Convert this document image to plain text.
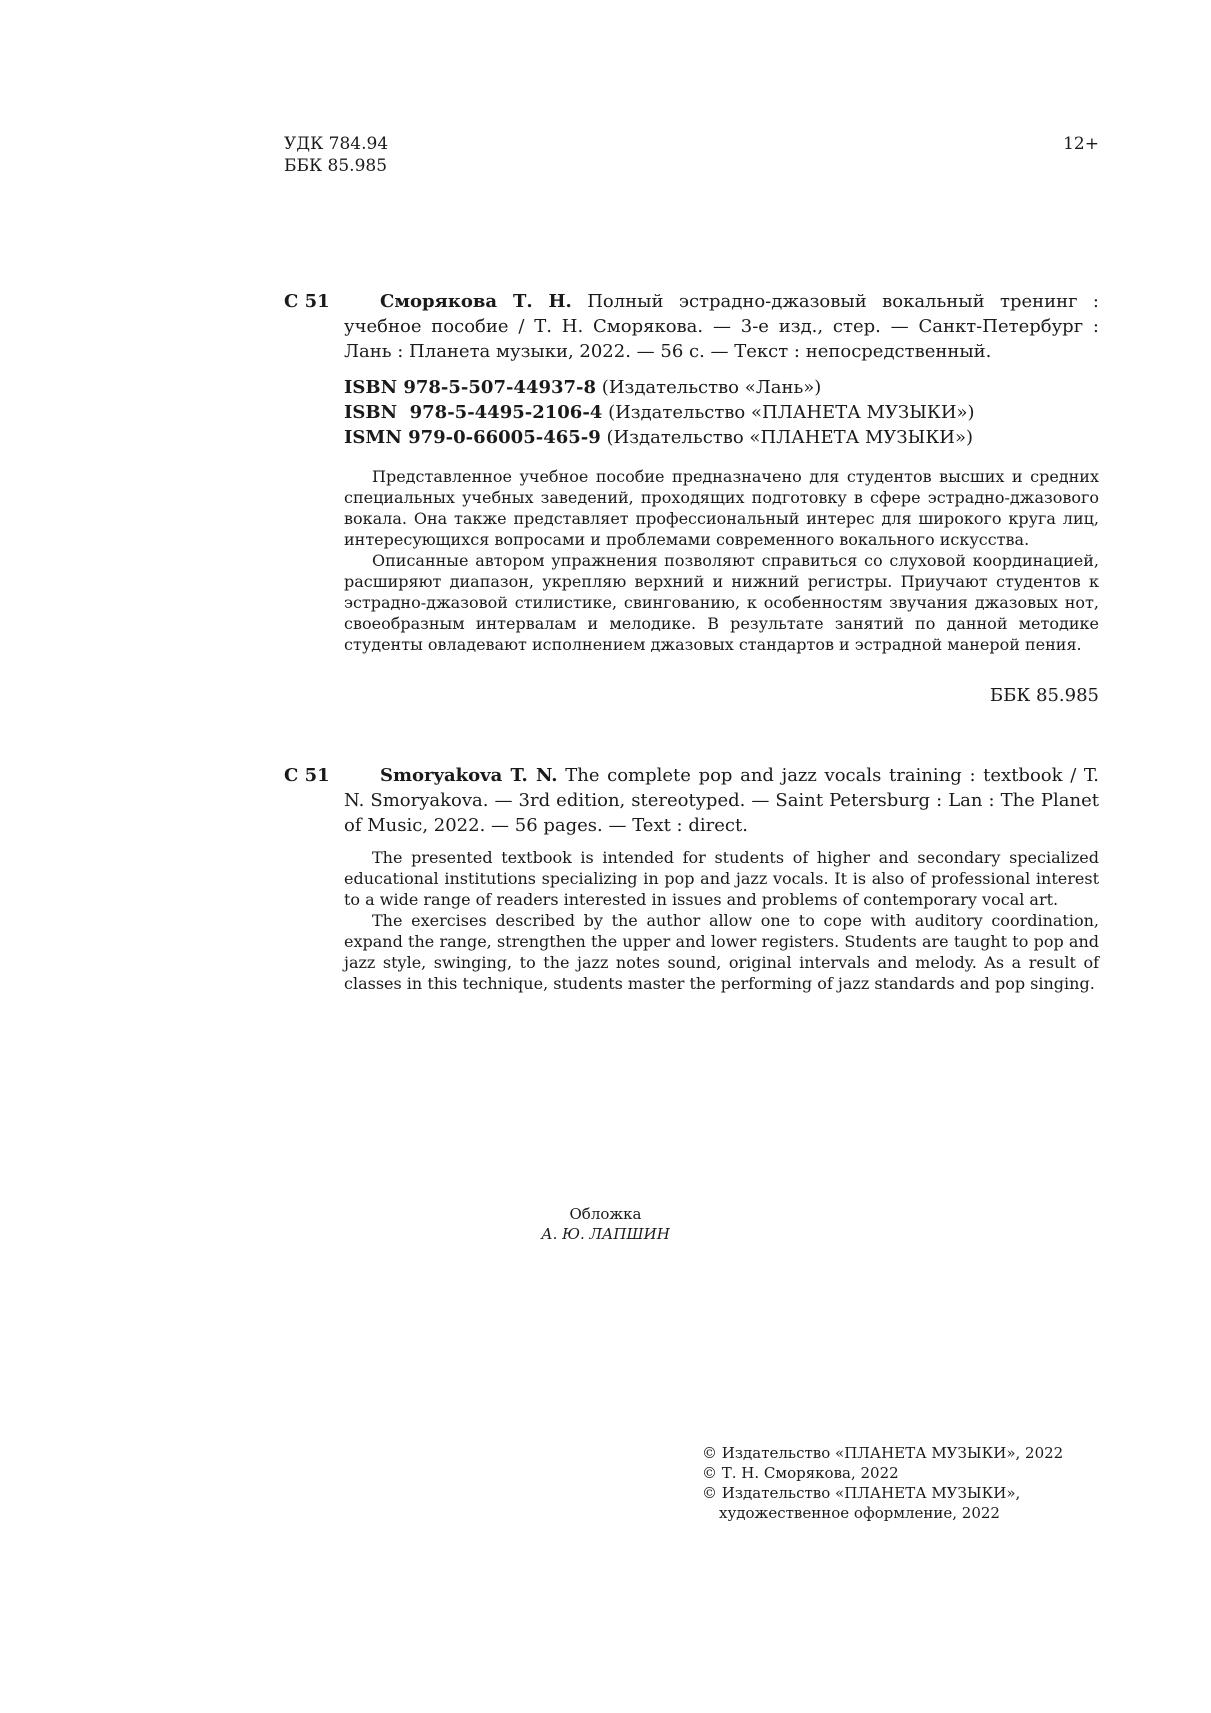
УДК 784.94
ББК 85.985
12+
С 51	Сморякова Т. Н. Полный эстрадно-джазовый вокальный тренинг : учебное пособие / Т. Н. Сморякова. — 3-е изд., стер. — Санкт-Петербург : Лань : Планета музыки, 2022. — 56 с. — Текст : непосредственный.
ISBN 978-5-507-44937-8 (Издательство «Лань»)
ISBN  978-5-4495-2106-4 (Издательство «ПЛАНЕТА МУЗЫКИ»)
ISMN 979-0-66005-465-9 (Издательство «ПЛАНЕТА МУЗЫКИ»)

Представленное учебное пособие предназначено для студентов высших и средних специальных учебных заведений, проходящих подготовку в сфере эстрадно-джазового вокала. Она также представляет профессиональный интерес для широкого круга лиц, интересующихся вопросами и проблемами современного вокального искусства.

Описанные автором упражнения позволяют справиться со слуховой координацией, расширяют диапазон, укрепляю верхний и нижний регистры. Приучают студентов к эстрадно-джазовой стилистике, свингованию, к особенностям звучания джазовых нот, своеобразным интервалам и мелодике. В результате занятий по данной методике студенты овладевают исполнением джазовых стандартов и эстрадной манерой пения.

ББК 85.985
С 51	Smoryakova T. N. The complete pop and jazz vocals training : textbook / T. N. Smoryakova. — 3rd edition, stereotyped. — Saint Petersburg : Lan : The Planet of Music, 2022. — 56 pages. — Text : direct.

The presented textbook is intended for students of higher and secondary specialized educational institutions specializing in pop and jazz vocals. It is also of professional interest to a wide range of readers interested in issues and problems of contemporary vocal art.

The exercises described by the author allow one to cope with auditory coordination, expand the range, strengthen the upper and lower registers. Students are taught to pop and jazz style, swinging, to the jazz notes sound, original intervals and melody. As a result of classes in this technique, students master the performing of jazz standards and pop singing.

Обложка
А. Ю. ЛАПШИН
© Издательство «ПЛАНЕТА МУЗЫКИ», 2022
© Т. Н. Сморякова, 2022
© Издательство «ПЛАНЕТА МУЗЫКИ», художественное оформление, 2022
